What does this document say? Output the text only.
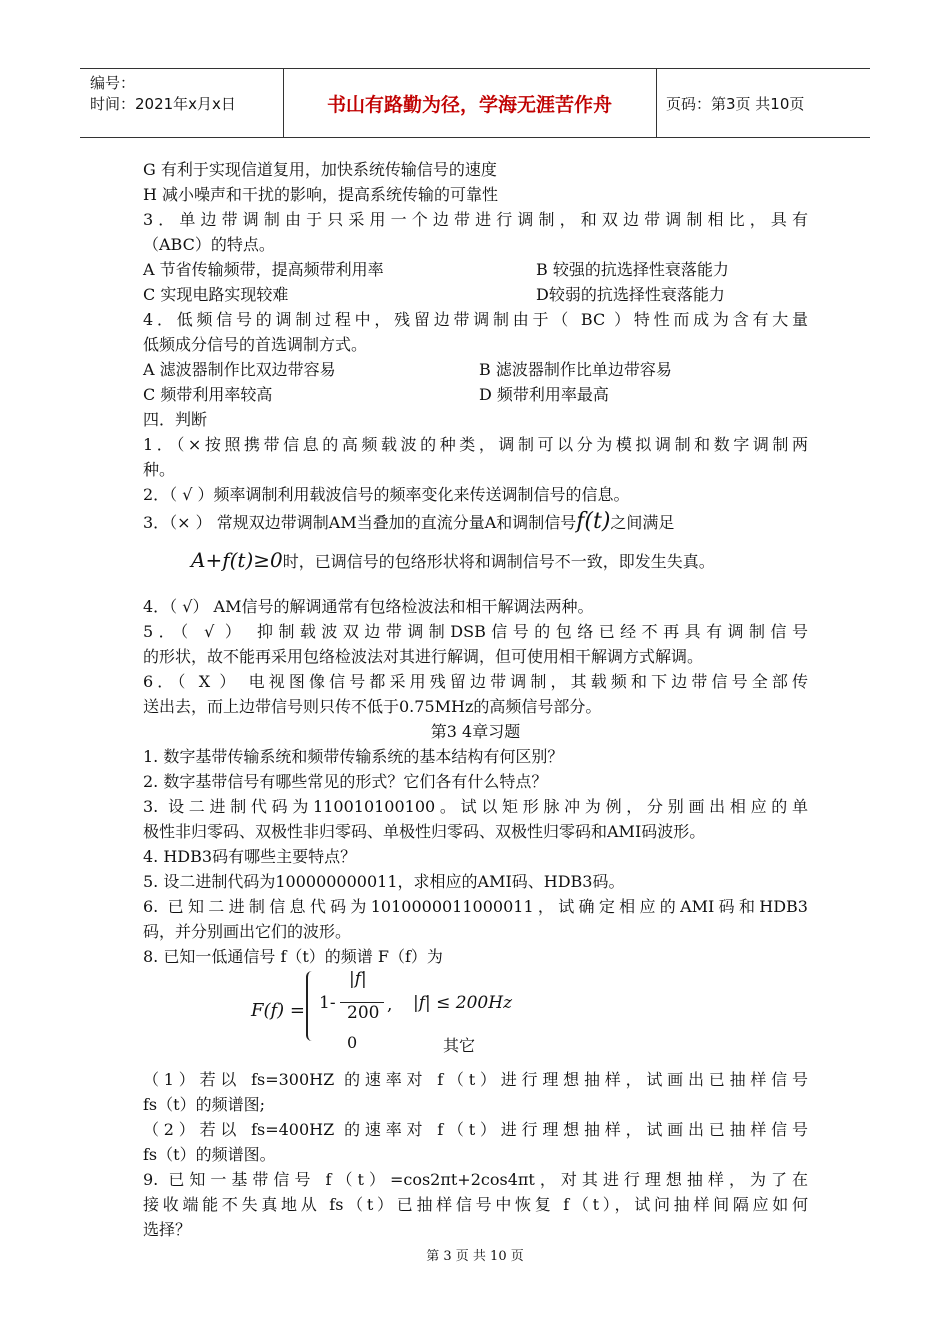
编号：
时间：2021年x月x日	书山有路勤为径，学海无涯苦作舟	页码：第3页 共10页
G 有利于实现信道复用，加快系统传输信号的速度
H 减小噪声和干扰的影响，提高系统传输的可靠性
3．单边带调制由于只采用一个边带进行调制，和双边带调制相比，具有
（ABC）的特点。
A 节省传输频带，提高频带利用率	B 较强的抗选择性衰落能力
C 实现电路实现较难	D较弱的抗选择性衰落能力
4．低频信号的调制过程中，残留边带调制由于（ BC ）特性而成为含有大量
低频成分信号的首选调制方式。
A 滤波器制作比双边带容易	B 滤波器制作比单边带容易
C 频带利用率较高	D 频带利用率最高
四．判断
1．（×按照携带信息的高频载波的种类，调制可以分为模拟调制和数字调制两
种。
2．（ √ ）频率调制利用载波信号的频率变化来传送调制信号的信息。
3．（× ） 常规双边带调制AM当叠加的直流分量A和调制信号f(t)之间满足
A+f(t)≥0时，已调信号的包络形状将和调制信号不一致，即发生失真。
4．（ √） AM信号的解调通常有包络检波法和相干解调法两种。
5．（ √ ） 抑制载波双边带调制DSB信号的包络已经不再具有调制信号
的形状，故不能再采用包络检波法对其进行解调，但可使用相干解调方式解调。
6．（ X ） 电视图像信号都采用残留边带调制，其载频和下边带信号全部传
送出去，而上边带信号则只传不低于0.75MHz的高频信号部分。
第3 4章习题
1. 数字基带传输系统和频带传输系统的基本结构有何区别？
2. 数字基带信号有哪些常见的形式？它们各有什么特点？
3. 设二进制代码为110010100100。试以矩形脉冲为例，分别画出相应的单
极性非归零码、双极性非归零码、单极性归零码、双极性归零码和AMI码波形。
4. HDB3码有哪些主要特点？
5. 设二进制代码为100000000011，求相应的AMI码、HDB3码。
6. 已知二进制信息代码为1010000011000011，试确定相应的AMI码和HDB3
码，并分别画出它们的波形。
8. 已知一低通信号 f（t）的频谱 F（f）为
F(f) = 1-
|f|
200 , |f| ≤ 200Hz
0	其它
（1）若以 fs=300HZ 的速率对 f（t）进行理想抽样，试画出已抽样信号
fs（t）的频谱图;
（2）若以 fs=400HZ 的速率对 f（t）进行理想抽样，试画出已抽样信号
fs（t）的频谱图。
9. 已知一基带信号 f（t）=cos2πt+2cos4πt，对其进行理想抽样，为了在
接收端能不失真地从 fs（t）已抽样信号中恢复 f（t），试问抽样间隔应如何
选择？
第 3 页 共 10 页
